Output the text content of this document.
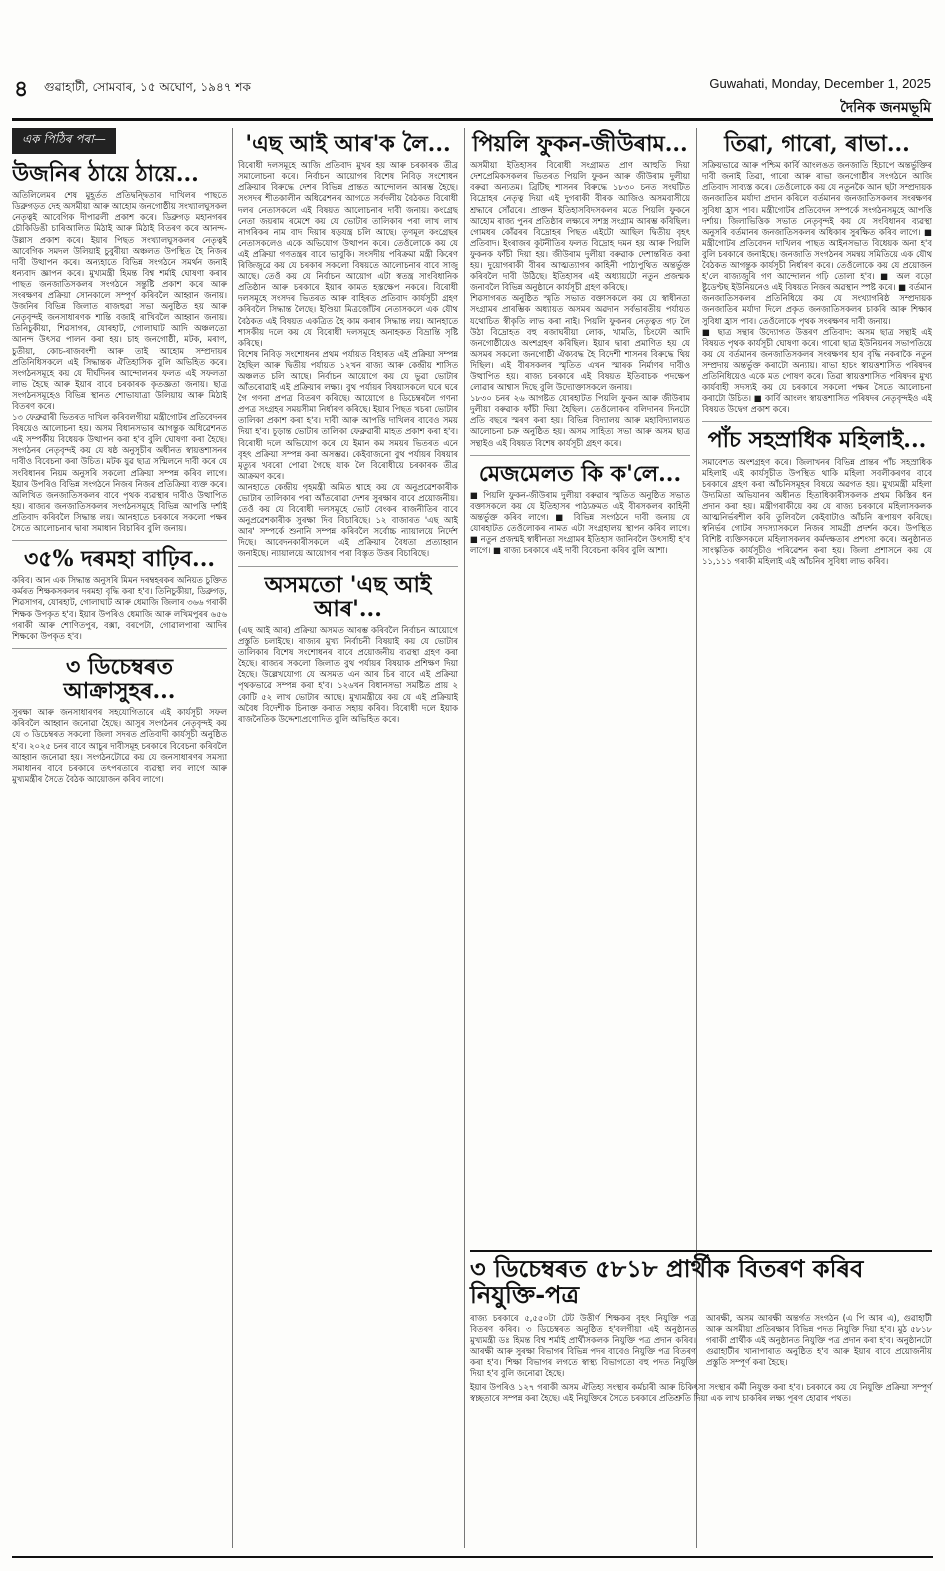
৪ গুৱাহাটী, সোমবাৰ, ১৫ অঘোণ, ১৯৪৭ শক	Guwahati, Monday, December 1, 2025
দৈনিক জনমভূমি
এক পিঠিৰ পৰা—
উজনিৰ ঠায়ে ঠায়ে...

অতিলিলেমৰ শেষ মুহূৰ্তত প্ৰতিদ্বন্দ্বিতাৰ দাখিলৰ পাছতে ডিব্ৰুগড়ত দেহ অসমীয়া আৰু আহোম জনগোষ্ঠীয় সংখ্যালঘুসকল নেতৃত্বই আবেগিক দীপাৱলী প্ৰকাশ কৰে। ডিব্ৰুগড় মহানগৰৰ চৌকিডিঙী চাৰিআলিত মিঠাই আৰু মিঠাই বিতৰণ কৰে আনন্দ-উল্লাস প্ৰকাশ কৰে। ইয়াৰ পিছত সংখ্যালঘুসকলৰ নেতৃত্বই আবেগিক সমদল উলিয়াই চুবুৰীয়া অঞ্চলত উপস্থিত হৈ নিজৰ দাবী উত্থাপন কৰে। অন্যহাতে বিভিন্ন সংগঠনে সমৰ্থন জনাই ধন্যবাদ জ্ঞাপন কৰে। মুখ্যমন্ত্ৰী হিমন্ত বিশ্ব শৰ্মাই ঘোষণা কৰাৰ পাছত জনজাতিসকলৰ সংগঠনে সন্তুষ্টি প্ৰকাশ কৰে আৰু সংৰক্ষণৰ প্ৰক্ৰিয়া সোনকালে সম্পূৰ্ণ কৰিবলৈ আহ্বান জনায়। উজনিৰ বিভিন্ন জিলাত ৰাজহুৱা সভা অনুষ্ঠিত হয় আৰু নেতৃবৃন্দই জনসাধাৰণক শান্তি বজাই ৰাখিবলৈ আহ্বান জনায়। তিনিচুকীয়া, শিৱসাগৰ, যোৰহাট, গোলাঘাট আদি অঞ্চলতো আনন্দ উৎসৱ পালন কৰা হয়। চাহ জনগোষ্ঠী, মটক, মৰাণ, চুতীয়া, কোচ-ৰাজবংশী আৰু তাই আহোম সম্প্ৰদায়ৰ প্ৰতিনিধিসকলে এই সিদ্ধান্তক ঐতিহাসিক বুলি অভিহিত কৰে। সংগঠনসমূহে কয় যে দীৰ্ঘদিনৰ আন্দোলনৰ ফলত এই সফলতা লাভ হৈছে আৰু ইয়াৰ বাবে চৰকাৰক কৃতজ্ঞতা জনায়। ছাত্ৰ সংগঠনসমূহেও বিভিন্ন স্থানত শোভাযাত্ৰা উলিয়ায় আৰু মিঠাই বিতৰণ কৰে।

১৩ ফেব্ৰুৱাৰী ভিতৰত দাখিল কৰিবলগীয়া মন্ত্ৰীগোটৰ প্ৰতিবেদনৰ বিষয়েও আলোচনা হয়। অসম বিধানসভাৰ আগন্তুক অধিৱেশনত এই সম্পৰ্কীয় বিধেয়ক উত্থাপন কৰা হ'ব বুলি ঘোষণা কৰা হৈছে। সংগঠনৰ নেতৃবৃন্দই কয় যে ষষ্ঠ অনুসূচীৰ অধীনত স্বায়ত্তশাসনৰ দাবীও বিবেচনা কৰা উচিত। মটক যুৱ ছাত্ৰ সন্মিলনে দাবী কৰে যে সংবিধানৰ নিয়ম অনুসৰি সকলো প্ৰক্ৰিয়া সম্পন্ন কৰিব লাগে। ইয়াৰ উপৰিও বিভিন্ন সংগঠনে নিজৰ নিজৰ প্ৰতিক্ৰিয়া ব্যক্ত কৰে। অলিখিত জনজাতিসকলৰ বাবে পৃথক ব্যৱস্থাৰ দাবীও উত্থাপিত হয়। ৰাজ্যৰ জনজাতিসকলৰ সংগঠনসমূহে বিভিন্ন আপত্তি দৰ্শাই প্ৰতিবাদ কৰিবলৈ সিদ্ধান্ত লয়। আনহাতে চৰকাৰে সকলো পক্ষৰ সৈতে আলোচনাৰ দ্বাৰা সমাধান বিচাৰিব বুলি জনায়।

৩৫% দৰমহা বাঢ়িব...

কৰিব। আন এক সিদ্ধান্ত অনুসৰি মিমন দৰম্বহৰকৰ অনিয়ত চুক্তিত কৰ্মৰত শিক্ষকসকলৰ দৰমহা বৃদ্ধি কৰা হ'ব। তিনিচুকীয়া, ডিব্ৰুগড়, শিৱসাগৰ, যোৰহাট, গোলাঘাট আৰু ধেমাজি জিলাৰ ৩৬৬ গৰাকী শিক্ষক উপকৃত হ'ব। ইয়াৰ উপৰিও ধেমাজি আৰু লখিমপুৰৰ ৬৫৬ গৰাকী আৰু শোণিতপুৰ, বক্সা, বৰপেটা, গোৱালপাৰা আদিৰ শিক্ষকো উপকৃত হ'ব।

৩ ডিচেম্বৰত আক্ৰাসুহৰ...

সুৰক্ষা আৰু জনসাধাৰণৰ সহযোগিতাৰে এই কাৰ্যসূচী সফল কৰিবলৈ আহ্বান জনোৱা হৈছে। আসুৰ সংগঠনৰ নেতৃবৃন্দই কয় যে ৩ ডিচেম্বৰত সকলো জিলা সদৰত প্ৰতিবাদী কাৰ্যসূচী অনুষ্ঠিত হ'ব। ২০২৫ চনৰ বাবে আচুৰ দাবীসমূহ চৰকাৰে বিবেচনা কৰিবলৈ আহ্বান জনোৱা হয়। সংগঠনটোৱে কয় যে জনসাধাৰণৰ সমস্যা সমাধানৰ বাবে চৰকাৰে তৎপৰতাৰে ব্যৱস্থা লব লাগে আৰু মুখ্যমন্ত্ৰীৰ সৈতে বৈঠক আয়োজন কৰিব লাগে।

'এছ আই আৰ'ক লৈ...

বিৰোধী দলসমূহে আজি প্ৰতিবাদ মুখৰ হয় আৰু চৰকাৰক তীব্ৰ সমালোচনা কৰে। নিৰ্বাচন আয়োগৰ বিশেষ নিবিড় সংশোধন প্ৰক্ৰিয়াৰ বিৰুদ্ধে দেশৰ বিভিন্ন প্ৰান্তত আন্দোলন আৰম্ভ হৈছে। সংসদৰ শীতকালীন অধিৱেশনৰ আগতে সৰ্বদলীয় বৈঠকত বিৰোধী দলৰ নেতাসকলে এই বিষয়ত আলোচনাৰ দাবী জনায়। কংগ্ৰেছ নেতা জয়ৰাম ৰমেশে কয় যে ভোটাৰ তালিকাৰ পৰা লাখ লাখ নাগৰিকৰ নাম বাদ দিয়াৰ ষড়যন্ত্ৰ চলি আছে। তৃণমূল কংগ্ৰেছৰ নেতাসকলেও একে অভিযোগ উত্থাপন কৰে। তেওঁলোকে কয় যে এই প্ৰক্ৰিয়া গণতন্ত্ৰৰ বাবে ভাবুকি। সংসদীয় পৰিক্ৰমা মন্ত্ৰী কিৰেণ ৰিজিজুৱে কয় যে চৰকাৰ সকলো বিষয়তে আলোচনাৰ বাবে সাজু আছে। তেওঁ কয় যে নিৰ্বাচন আয়োগ এটা স্বতন্ত্ৰ সাংবিধানিক প্ৰতিষ্ঠান আৰু চৰকাৰে ইয়াৰ কামত হস্তক্ষেপ নকৰে। বিৰোধী দলসমূহে সংসদৰ ভিতৰত আৰু বাহিৰত প্ৰতিবাদ কাৰ্যসূচী গ্ৰহণ কৰিবলৈ সিদ্ধান্ত লৈছে। ইণ্ডিয়া মিত্ৰজোঁটৰ নেতাসকলে এক যৌথ বৈঠকত এই বিষয়ত একত্ৰিত হৈ কাম কৰাৰ সিদ্ধান্ত লয়। আনহাতে শাসকীয় দলে কয় যে বিৰোধী দলসমূহে অনাহকত বিভ্ৰান্তি সৃষ্টি কৰিছে।

বিশেষ নিবিড় সংশোধনৰ প্ৰথম পৰ্যায়ত বিহাৰত এই প্ৰক্ৰিয়া সম্পন্ন হৈছিল আৰু দ্বিতীয় পৰ্যায়ত ১২খন ৰাজ্য আৰু কেন্দ্ৰীয় শাসিত অঞ্চলত চলি আছে। নিৰ্বাচন আয়োগে কয় যে ভুৱা ভোটাৰ আঁতৰোৱাই এই প্ৰক্ৰিয়াৰ লক্ষ্য। বুথ পৰ্যায়ৰ বিষয়াসকলে ঘৰে ঘৰে গৈ গণনা প্ৰপত্ৰ বিতৰণ কৰিছে। আয়োগে ৪ ডিচেম্বৰলৈ গণনা প্ৰপত্ৰ সংগ্ৰহৰ সময়সীমা নিৰ্ধাৰণ কৰিছে। ইয়াৰ পিছত খচৰা ভোটাৰ তালিকা প্ৰকাশ কৰা হ'ব। দাবী আৰু আপত্তি দাখিলৰ বাবেও সময় দিয়া হ'ব। চূড়ান্ত ভোটাৰ তালিকা ফেব্ৰুৱাৰী মাহত প্ৰকাশ কৰা হ'ব। বিৰোধী দলে অভিযোগ কৰে যে ইমান কম সময়ৰ ভিতৰত এনে বৃহৎ প্ৰক্ৰিয়া সম্পন্ন কৰা অসম্ভৱ। কেইবাজনো বুথ পৰ্যায়ৰ বিষয়াৰ মৃত্যুৰ খবৰো পোৱা গৈছে যাক লৈ বিৰোধীয়ে চৰকাৰক তীব্ৰ আক্ৰমণ কৰে।

আনহাতে কেন্দ্ৰীয় গৃহমন্ত্ৰী অমিত শ্বাহে কয় যে অনুপ্ৰৱেশকাৰীক ভোটাৰ তালিকাৰ পৰা আঁতৰোৱা দেশৰ সুৰক্ষাৰ বাবে প্ৰয়োজনীয়। তেওঁ কয় যে বিৰোধী দলসমূহে ভোট বেংকৰ ৰাজনীতিৰ বাবে অনুপ্ৰৱেশকাৰীক সুৰক্ষা দিব বিচাৰিছে। ১২ বাজাৰত 'এছ আই আৰ' সম্পৰ্কে শুনানি সম্পন্ন কৰিবলৈ সৰ্বোচ্চ ন্যায়ালয়ে নিৰ্দেশ দিছে। আবেদনকাৰীসকলে এই প্ৰক্ৰিয়াৰ বৈধতা প্ৰত্যাহ্বান জনাইছে। ন্যায়ালয়ে আয়োগৰ পৰা বিস্তৃত উত্তৰ বিচাৰিছে।

অসমতো 'এছ আই আৰ'...

(এছ আই আৰ) প্ৰক্ৰিয়া অসমত আৰম্ভ কৰিবলৈ নিৰ্বাচন আয়োগে প্ৰস্তুতি চলাইছে। ৰাজ্যৰ মুখ্য নিৰ্বাচনী বিষয়াই কয় যে ভোটাৰ তালিকাৰ বিশেষ সংশোধনৰ বাবে প্ৰয়োজনীয় ব্যৱস্থা গ্ৰহণ কৰা হৈছে। ৰাজ্যৰ সকলো জিলাত বুথ পৰ্যায়ৰ বিষয়াক প্ৰশিক্ষণ দিয়া হৈছে। উল্লেখযোগ্য যে অসমত এন আৰ চিৰ বাবে এই প্ৰক্ৰিয়া পৃথকভাৱে সম্পন্ন কৰা হ'ব। ১২৬খন বিধানসভা সমষ্টিত প্ৰায় ২ কোটি ৫২ লাখ ভোটাৰ আছে। মুখ্যমন্ত্ৰীয়ে কয় যে এই প্ৰক্ৰিয়াই অবৈধ বিদেশীক চিনাক্ত কৰাত সহায় কৰিব। বিৰোধী দলে ইয়াক ৰাজনৈতিক উদ্দেশ্যপ্ৰণোদিত বুলি অভিহিত কৰে।

পিয়লি ফুকন-জীউৰাম...

অসমীয়া ইতিহাসৰ বিৰোধী সংগ্ৰামত প্ৰাণ আহুতি দিয়া দেশপ্ৰেমিকসকলৰ ভিতৰত পিয়লি ফুকন আৰু জীউৰাম দুলীয়া বৰুৱা অন্যতম। ব্ৰিটিছ শাসনৰ বিৰুদ্ধে ১৮৩০ চনত সংঘটিত বিদ্ৰোহৰ নেতৃত্ব দিয়া এই দুগৰাকী বীৰক আজিও অসমবাসীয়ে শ্ৰদ্ধাৰে সোঁৱৰে। প্ৰাক্তন ইতিহাসবিদসকলৰ মতে পিয়লি ফুকনে আহোম ৰাজ্য পুনৰ প্ৰতিষ্ঠাৰ লক্ষ্যৰে সশস্ত্ৰ সংগ্ৰাম আৰম্ভ কৰিছিল। গোমধৰ কোঁৱৰৰ বিদ্ৰোহৰ পিছত এইটো আছিল দ্বিতীয় বৃহৎ প্ৰতিবাদ। ইংৰাজৰ কূটনীতিৰ ফলত বিদ্ৰোহ দমন হয় আৰু পিয়লি ফুকনক ফাঁচী দিয়া হয়। জীউৰাম দুলীয়া বৰুৱাক দেশান্তৰিত কৰা হয়। দুয়োগৰাকী বীৰৰ আত্মত্যাগৰ কাহিনী পাঠ্যপুথিত অন্তৰ্ভুক্ত কৰিবলৈ দাবী উঠিছে। ইতিহাসৰ এই অধ্যায়টো নতুন প্ৰজন্মক জনাবলৈ বিভিন্ন অনুষ্ঠানে কাৰ্যসূচী গ্ৰহণ কৰিছে।

শিৱসাগৰত অনুষ্ঠিত স্মৃতি সভাত বক্তাসকলে কয় যে স্বাধীনতা সংগ্ৰামৰ প্ৰাৰম্ভিক অধ্যায়ত অসমৰ অৱদান সৰ্বভাৰতীয় পৰ্যায়ত যথোচিত স্বীকৃতি লাভ কৰা নাই। পিয়লি ফুকনৰ নেতৃত্বত গঢ় লৈ উঠা বিদ্ৰোহত বহু ৰজাঘৰীয়া লোক, খামতি, চিংফৌ আদি জনগোষ্ঠীয়েও অংশগ্ৰহণ কৰিছিল। ইয়াৰ দ্বাৰা প্ৰমাণিত হয় যে অসমৰ সকলো জনগোষ্ঠী ঐক্যবদ্ধ হৈ বিদেশী শাসনৰ বিৰুদ্ধে থিয় দিছিল। এই বীৰসকলৰ স্মৃতিত এখন স্মাৰক নিৰ্মাণৰ দাবীও উত্থাপিত হয়। ৰাজ্য চৰকাৰে এই বিষয়ত ইতিবাচক পদক্ষেপ লোৱাৰ আশ্বাস দিছে বুলি উদ্যোক্তাসকলে জনায়।

১৮৩০ চনৰ ২৬ আগষ্টত যোৰহাটত পিয়লি ফুকন আৰু জীউৰাম দুলীয়া বৰুৱাক ফাঁচী দিয়া হৈছিল। তেওঁলোকৰ বলিদানৰ দিনটো প্ৰতি বছৰে স্মৰণ কৰা হয়। বিভিন্ন বিদ্যালয় আৰু মহাবিদ্যালয়ত আলোচনা চক্ৰ অনুষ্ঠিত হয়। অসম সাহিত্য সভা আৰু অসম ছাত্ৰ সন্থাইও এই বিষয়ত বিশেষ কাৰ্যসূচী গ্ৰহণ কৰে।

মেজমেলত কি ক'লে...

■ পিয়লি ফুকন-জীউৰাম দুলীয়া বৰুৱাৰ স্মৃতিত অনুষ্ঠিত সভাত বক্তাসকলে কয় যে ইতিহাসৰ পাঠ্যক্ৰমত এই বীৰসকলৰ কাহিনী অন্তৰ্ভুক্ত কৰিব লাগে। ■ বিভিন্ন সংগঠনে দাবী জনায় যে যোৰহাটত তেওঁলোকৰ নামত এটা সংগ্ৰহালয় স্থাপন কৰিব লাগে। ■ নতুন প্ৰজন্মই স্বাধীনতা সংগ্ৰামৰ ইতিহাস জানিবলৈ উৎসাহী হ'ব লাগে। ■ ৰাজ্য চৰকাৰে এই দাবী বিবেচনা কৰিব বুলি আশা।

তিৱা, গাৰো, ৰাভা...

সক্ৰিয়ভাৱে আৰু পশ্চিম কাৰ্বি আংলঙত জনজাতি হিচাপে অন্তৰ্ভুক্তিৰ দাবী জনাই তিৱা, গাৰো আৰু ৰাভা জনগোষ্ঠীৰ সংগঠনে আজি প্ৰতিবাদ সাব্যস্ত কৰে। তেওঁলোকে কয় যে নতুনকৈ আন ছটা সম্প্ৰদায়ক জনজাতিৰ মৰ্যাদা প্ৰদান কৰিলে বৰ্তমানৰ জনজাতিসকলৰ সংৰক্ষণৰ সুবিধা হ্ৰাস পাব। মন্ত্ৰীগোটৰ প্ৰতিবেদন সম্পৰ্কে সংগঠনসমূহে আপত্তি দৰ্শায়। জিলাভিত্তিক সভাত নেতৃবৃন্দই কয় যে সংবিধানৰ ব্যৱস্থা অনুসৰি বৰ্তমানৰ জনজাতিসকলৰ অধিকাৰ সুৰক্ষিত কৰিব লাগে। ■ মন্ত্ৰীগোটৰ প্ৰতিবেদন দাখিলৰ পাছত আইনসভাত বিধেয়ক অনা হ'ব বুলি চৰকাৰে জনাইছে। জনজাতি সংগঠনৰ সমন্বয় সমিতিয়ে এক যৌথ বৈঠকত আগন্তুক কাৰ্যসূচী নিৰ্ধাৰণ কৰে। তেওঁলোকে কয় যে প্ৰয়োজন হ'লে ৰাজ্যজুৰি গণ আন্দোলন গঢ়ি তোলা হ'ব। ■ অল বড়ো ষ্টুডেণ্টছ ইউনিয়নেও এই বিষয়ত নিজৰ অৱস্থান স্পষ্ট কৰে। ■ বৰ্তমান জনজাতিসকলৰ প্ৰতিনিধিয়ে কয় যে সংখ্যাগৰিষ্ঠ সম্প্ৰদায়ক জনজাতিৰ মৰ্যাদা দিলে প্ৰকৃত জনজাতিসকলৰ চাকৰি আৰু শিক্ষাৰ সুবিধা হ্ৰাস পাব। তেওঁলোকে পৃথক সংৰক্ষণৰ দাবী জনায়।

■ ছাত্ৰ সন্থাৰ উদ্যোগত উত্তৰণ প্ৰতিবাদ: অসম ছাত্ৰ সন্থাই এই বিষয়ত পৃথক কাৰ্যসূচী ঘোষণা কৰে। গাৰো ছাত্ৰ ইউনিয়নৰ সভাপতিয়ে কয় যে বৰ্তমানৰ জনজাতিসকলৰ সংৰক্ষণৰ হাৰ বৃদ্ধি নকৰাকৈ নতুন সম্প্ৰদায় অন্তৰ্ভুক্ত কৰাটো অন্যায়। ৰাভা হাচং স্বায়ত্তশাসিত পৰিষদৰ প্ৰতিনিধিয়েও একে মত পোষণ কৰে। তিৱা স্বায়ত্তশাসিত পৰিষদৰ মুখ্য কাৰ্যবাহী সদস্যই কয় যে চৰকাৰে সকলো পক্ষৰ সৈতে আলোচনা কৰাটো উচিত। ■ কাৰ্বি আংলং স্বায়ত্তশাসিত পৰিষদৰ নেতৃবৃন্দইও এই বিষয়ত উদ্বেগ প্ৰকাশ কৰে।

পাঁচ সহস্ৰাধিক মহিলাই...

সমাবেশত অংশগ্ৰহণ কৰে। জিলাখনৰ বিভিন্ন প্ৰান্তৰ পাঁচ সহস্ৰাধিক মহিলাই এই কাৰ্যসূচীত উপস্থিত থাকি মহিলা সবলীকৰণৰ বাবে চৰকাৰে গ্ৰহণ কৰা আঁচনিসমূহৰ বিষয়ে অৱগত হয়। মুখ্যমন্ত্ৰী মহিলা উদ্যমিতা অভিযানৰ অধীনত হিতাধিকাৰীসকলক প্ৰথম কিস্তিৰ ধন প্ৰদান কৰা হয়। মন্ত্ৰীগৰাকীয়ে কয় যে ৰাজ্য চৰকাৰে মহিলাসকলক আত্মনিৰ্ভৰশীল কৰি তুলিবলৈ কেইবাটাও আঁচনি ৰূপায়ণ কৰিছে। স্বনিৰ্ভৰ গোটৰ সদস্যাসকলে নিজৰ সামগ্ৰী প্ৰদৰ্শন কৰে। উপস্থিত বিশিষ্ট ব্যক্তিসকলে মহিলাসকলৰ কৰ্মদক্ষতাৰ প্ৰশংসা কৰে। অনুষ্ঠানত সাংস্কৃতিক কাৰ্যসূচীও পৰিৱেশন কৰা হয়। জিলা প্ৰশাসনে কয় যে ১১,১১১ গৰাকী মহিলাই এই আঁচনিৰ সুবিধা লাভ কৰিব।

৩ ডিচেম্বৰত ৫৮১৮ প্ৰাৰ্থীক বিতৰণ কৰিব নিযুক্তি-পত্ৰ

ৰাজ্য চৰকাৰে ৫,৫৫০টা টেট উত্তীৰ্ণ শিক্ষকৰ বৃহৎ নিযুক্তি পত্ৰ বিতৰণ কৰিব। ৩ ডিচেম্বৰত অনুষ্ঠিত হ'বলগীয়া এই অনুষ্ঠানত মুখ্যমন্ত্ৰী ডঃ হিমন্ত বিশ্ব শৰ্মাই প্ৰাৰ্থীসকলক নিযুক্তি পত্ৰ প্ৰদান কৰিব। আৰক্ষী আৰু সুৰক্ষা বিভাগৰ বিভিন্ন পদৰ বাবেও নিযুক্তি পত্ৰ বিতৰণ কৰা হ'ব। শিক্ষা বিভাগৰ লগতে স্বাস্থ্য বিভাগতো বহু পদত নিযুক্তি দিয়া হ'ব বুলি জনোৱা হৈছে।

আৰক্ষী, অসম আৰক্ষী অন্তৰ্গত সংগঠন (এ পি আৰ এ), গুৱাহাটী আৰু অসমীয়া প্ৰতিৰক্ষাৰ বিভিন্ন পদত নিযুক্তি দিয়া হ'ব। মুঠ ৫৮১৮ গৰাকী প্ৰাৰ্থীক এই অনুষ্ঠানত নিযুক্তি পত্ৰ প্ৰদান কৰা হ'ব। অনুষ্ঠানটো গুৱাহাটীৰ খানাপাৰাত অনুষ্ঠিত হ'ব আৰু ইয়াৰ বাবে প্ৰয়োজনীয় প্ৰস্তুতি সম্পূৰ্ণ কৰা হৈছে।

ইয়াৰ উপৰিও ১২৭ গৰাকী অসম ঐতিহ্য সংস্থাৰ কৰ্মচাৰী আৰু চিকিৎসা সংস্থাৰ কৰ্মী নিযুক্ত কৰা হ'ব। চৰকাৰে কয় যে নিযুক্তি প্ৰক্ৰিয়া সম্পূৰ্ণ স্বচ্ছতাৰে সম্পন্ন কৰা হৈছে। এই নিযুক্তিৰে সৈতে চৰকাৰে প্ৰতিশ্ৰুতি দিয়া এক লাখ চাকৰিৰ লক্ষ্য পূৰণ হোৱাৰ পথত।
